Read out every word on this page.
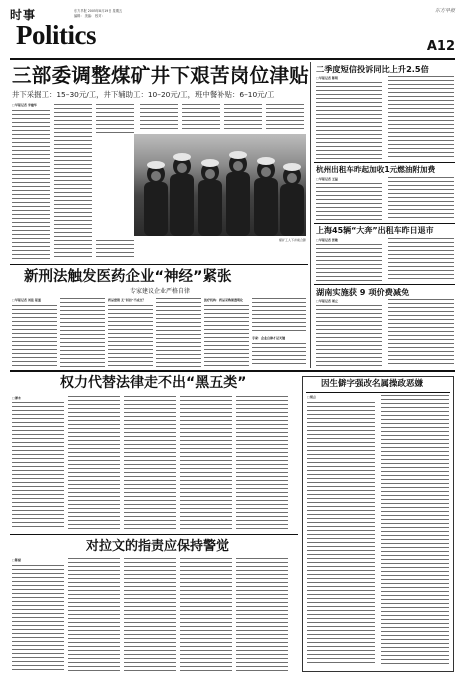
时事
Politics
东方早报 2005年8月19日 星期五
编辑： 美编： 校对：
东方早报
A12
三部委调整煤矿井下艰苦岗位津贴
井下采掘工：15–30元/工，井下辅助工：10–20元/工，班中餐补贴：6–10元/工
□早报记者 李建华
煤矿工人下井前合影
新刑法触发医药企业“神经”紧张
专家建议企业严格自律
□早报记者 刘佳 报道	药品营销 无“回扣”不成交？	医疗机构：药品采购须透明化
专家：企业自律才是关键
二季度短信投诉同比上升2.5倍
□早报记者 陈明
杭州出租车昨起加收1元燃油附加费
□早报记者 王磊
上海45辆“大奔”出租车昨日退市
□早报记者 张敏
湖南实施获 9 项价费减免
□早报记者 周立
权力代替法律走不出“黑五类”
□谭木
对拉文的指责应保持警觉
□陈斌
因生僻字强改名属操政恶嫌
□胡言
